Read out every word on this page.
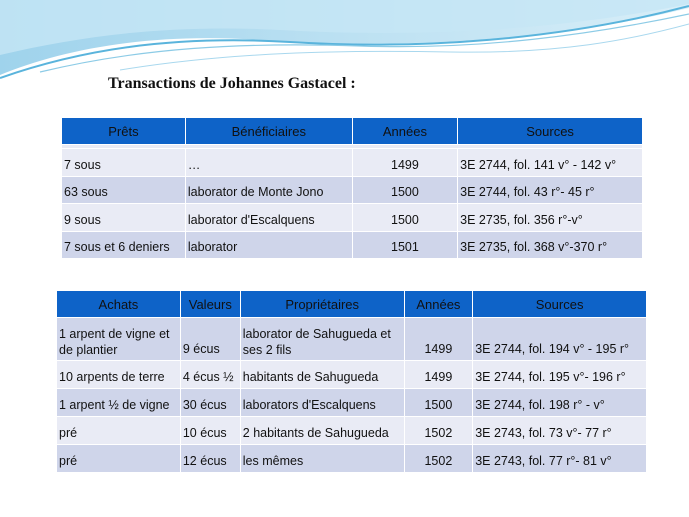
Transactions de Johannes Gastacel :
Prêts	Bénéficiaires	Années	Sources

7 sous	…	1499	3E 2744, fol. 141 v° - 142 v°
63 sous	laborator de Monte Jono	1500	3E 2744, fol. 43 r°- 45 r°
9 sous	laborator d'Escalquens	1500	3E 2735, fol. 356 r°-v°
7 sous et 6 deniers	laborator	1501	3E 2735, fol. 368 v°-370 r°
Achats	Valeurs	Propriétaires	Années	Sources
1 arpent de vigne et de plantier	9 écus	laborator de Sahugueda et ses 2 fils	1499	3E 2744, fol. 194 v° - 195 r°
10 arpents de terre	4 écus ½	habitants de Sahugueda	1499	3E 2744, fol. 195 v°- 196 r°
1 arpent ½ de vigne	30 écus	laborators d'Escalquens	1500	3E 2744, fol. 198 r° - v°
pré	10 écus	2 habitants de Sahugueda	1502	3E 2743, fol. 73 v°- 77 r°
pré	12 écus	les mêmes	1502	3E 2743, fol. 77 r°- 81 v°
